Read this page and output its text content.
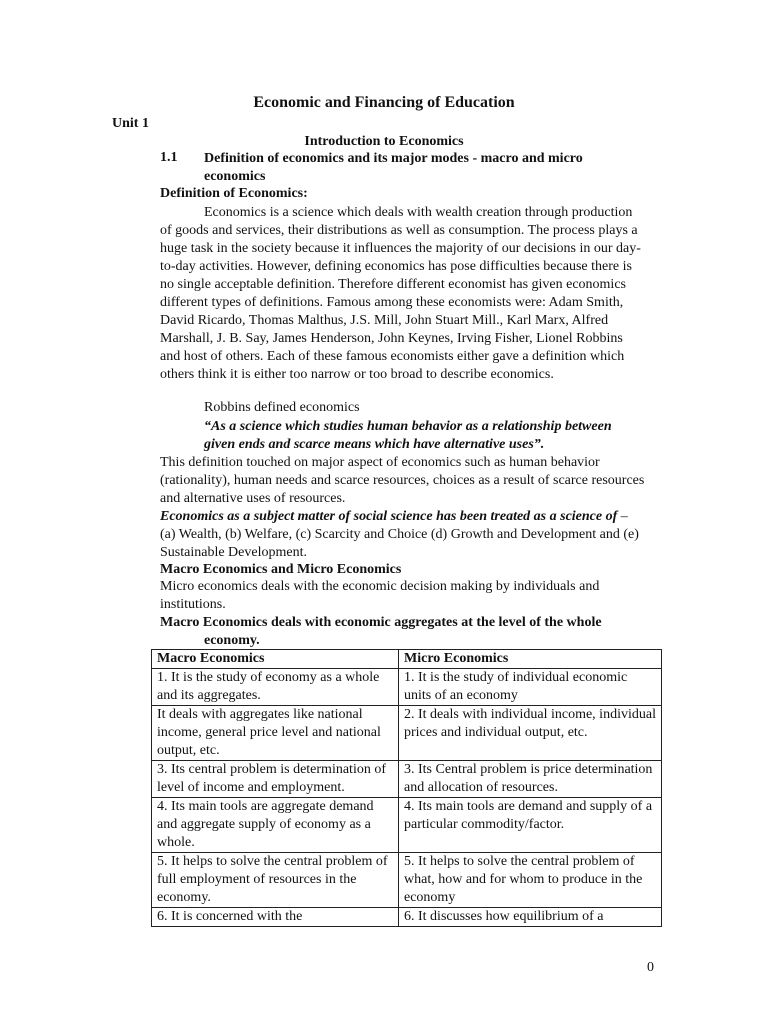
Economic and Financing of Education
Unit 1
Introduction to Economics
1.1 Definition of economics and its major modes - macro and micro economics
Definition of Economics:
Economics is a science which deals with wealth creation through production of goods and services, their distributions as well as consumption. The process plays a huge task in the society because it influences the majority of our decisions in our day-to-day activities. However, defining economics has pose difficulties because there is no single acceptable definition. Therefore different economist has given economics different types of definitions. Famous among these economists were: Adam Smith, David Ricardo, Thomas Malthus, J.S. Mill, John Stuart Mill., Karl Marx, Alfred Marshall, J. B. Say, James Henderson, John Keynes, Irving Fisher, Lionel Robbins and host of others. Each of these famous economists either gave a definition which others think it is either too narrow or too broad to describe economics.
Robbins defined economics
“As a science which studies human behavior as a relationship between given ends and scarce means which have alternative uses”.
This definition touched on major aspect of economics such as human behavior (rationality), human needs and scarce resources, choices as a result of scarce resources and alternative uses of resources.
Economics as a subject matter of social science has been treated as a science of – (a) Wealth, (b) Welfare, (c) Scarcity and Choice (d) Growth and Development and (e) Sustainable Development.
Macro Economics and Micro Economics
Micro economics deals with the economic decision making by individuals and institutions.
Macro Economics deals with economic aggregates at the level of the whole
economy.
Macro Economics	Micro Economics
1. It is the study of economy as a whole and its aggregates.	1. It is the study of individual economic units of an economy
It deals with aggregates like national income, general price level and national output, etc.	2. It deals with individual income, individual prices and individual output, etc.
3. Its central problem is determination of level of income and employment.	3. Its Central problem is price determination and allocation of resources.
4. Its main tools are aggregate demand and aggregate supply of economy as a whole.	4. Its main tools are demand and supply of a particular commodity/factor.
5. It helps to solve the central problem of full employment of resources in the economy.	5. It helps to solve the central problem of what, how and for whom to produce in the economy
6. It is concerned with the	6. It discusses how equilibrium of a
0
